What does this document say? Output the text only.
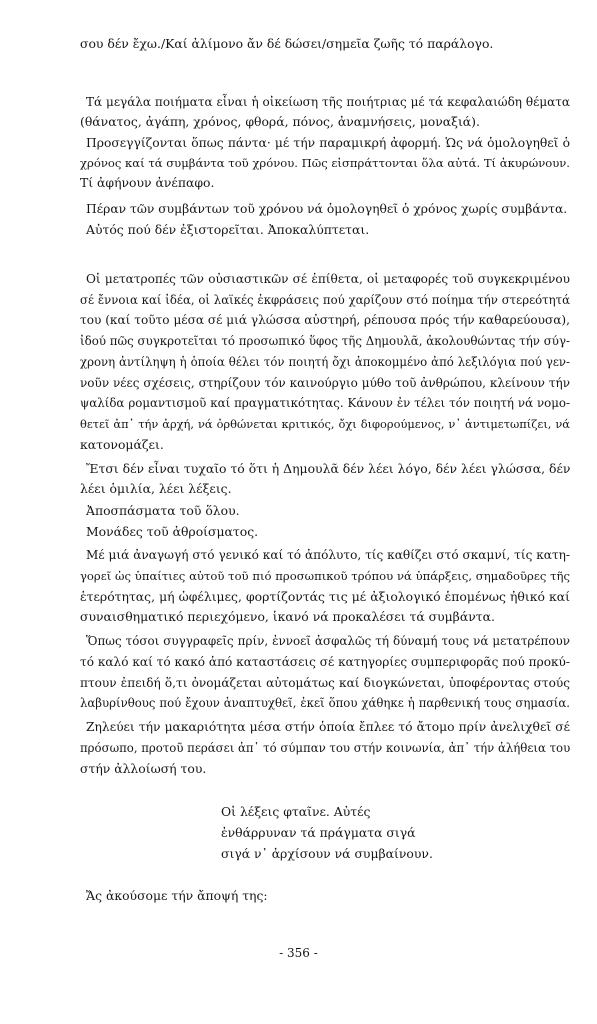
σου δέν ἔχω./Καί ἀλίμονο ἄν δέ δώσει/σημεῖα ζωῆς τό παράλογο.
Τά μεγάλα ποιήματα εἶναι ἡ οἰκείωση τῆς ποιήτριας μέ τά κεφαλαιώδη θέματα
(θάνατος, ἀγάπη, χρόνος, φθορά, πόνος, ἀναμνήσεις, μοναξιά).
Προσεγγίζονται ὅπως πάντα· μέ τήν παραμικρή ἀφορμή. Ὡς νά ὁμολογηθεῖ ὁ
χρόνος καί τά συμβάντα τοῦ χρόνου. Πῶς εἰσπράττονται ὅλα αὐτά. Τί ἀκυρώνουν.
Τί ἀφήνουν ἀνέπαφο.
Πέραν τῶν συμβάντων τοῦ χρόνου νά ὁμολογηθεῖ ὁ χρόνος χωρίς συμβάντα.
Αὐτός πού δέν ἐξιστορεῖται. Ἀποκαλύπτεται.
Οἱ μετατροπές τῶν οὐσιαστικῶν σέ ἐπίθετα, οἱ μεταφορές τοῦ συγκεκριμένου
σέ ἔννοια καί ἰδέα, οἱ λαϊκές ἐκφράσεις πού χαρίζουν στό ποίημα τήν στερεότητά
του (καί τοῦτο μέσα σέ μιά γλώσσα αὐστηρή, ρέπουσα πρός τήν καθαρεύουσα),
ἰδού πῶς συγκροτεῖται τό προσωπικό ὕφος τῆς Δημουλᾶ, ἀκολουθώντας τήν σύγ-
χρονη ἀντίληψη ἡ ὁποία θέλει τόν ποιητή ὄχι ἀποκομμένο ἀπό λεξιλόγια πού γεν-
νοῦν νέες σχέσεις, στηρίζουν τόν καινούργιο μύθο τοῦ ἀνθρώπου, κλείνουν τήν
ψαλίδα ρομαντισμοῦ καί πραγματικότητας. Κάνουν ἐν τέλει τόν ποιητή νά νομο-
θετεῖ ἀπ᾽ τήν ἀρχή, νά ὀρθώνεται κριτικός, ὄχι διφορούμενος, ν᾽ ἀντιμετωπίζει, νά
κατονομάζει.
Ἔτσι δέν εἶναι τυχαῖο τό ὅτι ἡ Δημουλᾶ δέν λέει λόγο, δέν λέει γλώσσα, δέν
λέει ὁμιλία, λέει λέξεις.
Ἀποσπάσματα τοῦ ὅλου.
Μονάδες τοῦ ἀθροίσματος.
Μέ μιά ἀναγωγή στό γενικό καί τό ἀπόλυτο, τίς καθίζει στό σκαμνί, τίς κατη-
γορεῖ ὡς ὑπαίτιες αὐτοῦ τοῦ πιό προσωπικοῦ τρόπου νά ὑπάρξεις, σημαδοῦρες τῆς
ἑτερότητας, μή ὠφέλιμες, φορτίζοντάς τις μέ ἀξιολογικό ἑπομένως ἠθικό καί
συναισθηματικό περιεχόμενο, ἱκανό νά προκαλέσει τά συμβάντα.
Ὅπως τόσοι συγγραφεῖς πρίν, ἐννοεῖ ἀσφαλῶς τή δύναμή τους νά μετατρέπουν
τό καλό καί τό κακό ἀπό καταστάσεις σέ κατηγορίες συμπεριφορᾶς πού προκύ-
πτουν ἐπειδή ὅ,τι ὀνομάζεται αὐτομάτως καί διογκώνεται, ὑποφέροντας στούς
λαβυρίνθους πού ἔχουν ἀναπτυχθεῖ, ἐκεῖ ὅπου χάθηκε ἡ παρθενική τους σημασία.
Ζηλεύει τήν μακαριότητα μέσα στήν ὁποία ἔπλεε τό ἄτομο πρίν ἀνελιχθεῖ σέ
πρόσωπο, προτοῦ περάσει ἀπ᾽ τό σύμπαν του στήν κοινωνία, ἀπ᾽ τήν ἀλήθεια του
στήν ἀλλοίωσή του.
Οἱ λέξεις φταῖνε. Αὐτές
ἐνθάρρυναν τά πράγματα σιγά
σιγά ν᾽ ἀρχίσουν νά συμβαίνουν.
Ἄς ἀκούσομε τήν ἄποψή της:
- 356 -
